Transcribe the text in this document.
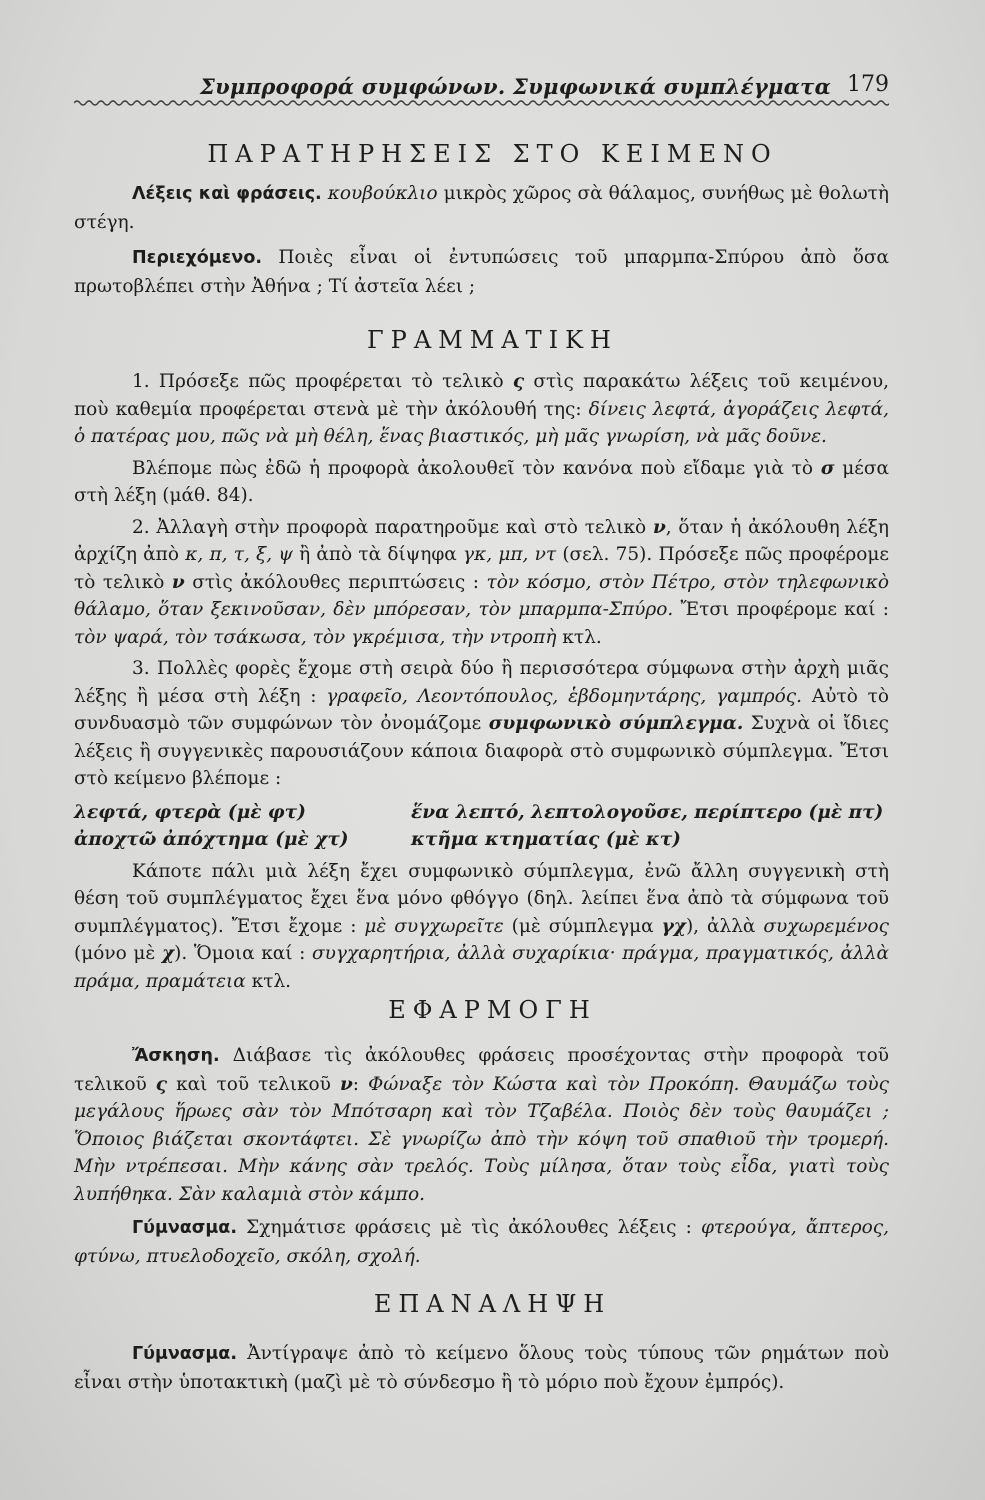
Συμπροφορά συμφώνων. Συμφωνικά συμπλέγματα 179
ΠΑΡΑΤΗΡΗΣΕΙΣ ΣΤΟ ΚΕΙΜΕΝΟ

Λέξεις καὶ φράσεις. κουβούκλιο μικρὸς χῶρος σὰ θάλαμος, συνήθως μὲ θολωτὴ στέγη.

Περιεχόμενο. Ποιὲς εἶναι οἱ ἐντυπώσεις τοῦ μπαρμπα-Σπύρου ἀπὸ ὅσα πρωτοβλέπει στὴν Ἀθήνα ; Τί ἀστεῖα λέει ;

ΓΡΑΜΜΑΤΙΚΗ

1. Πρόσεξε πῶς προφέρεται τὸ τελικὸ ς στὶς παρακάτω λέξεις τοῦ κειμένου, ποὺ καθεμία προφέρεται στενὰ μὲ τὴν ἀκόλουθή της: δίνεις λεφτά, ἀγοράζεις λεφτά, ὁ πατέρας μου, πῶς νὰ μὴ θέλη, ἕνας βιαστικός, μὴ μᾶς γνωρίση, νὰ μᾶς δοῦνε.

Βλέπομε πὼς ἐδῶ ἡ προφορὰ ἀκολουθεῖ τὸν κανόνα ποὺ εἴδαμε γιὰ τὸ σ μέσα στὴ λέξη (μάθ. 84).

2. Ἀλλαγὴ στὴν προφορὰ παρατηροῦμε καὶ στὸ τελικὸ ν, ὅταν ἡ ἀκόλουθη λέξη ἀρχίζη ἀπὸ κ, π, τ, ξ, ψ ἢ ἀπὸ τὰ δίψηφα γκ, μπ, ντ (σελ. 75). Πρόσεξε πῶς προφέρομε τὸ τελικὸ ν στὶς ἀκόλουθες περιπτώσεις : τὸν κόσμο, στὸν Πέτρο, στὸν τηλεφωνικὸ θάλαμο, ὅταν ξεκινοῦσαν, δὲν μπόρεσαν, τὸν μπαρμπα-Σπύρο. Ἔτσι προφέρομε καί : τὸν ψαρά, τὸν τσάκωσα, τὸν γκρέμισα, τὴν ντροπὴ κτλ.

3. Πολλὲς φορὲς ἔχομε στὴ σειρὰ δύο ἢ περισσότερα σύμφωνα στὴν ἀρχὴ μιᾶς λέξης ἢ μέσα στὴ λέξη : γραφεῖο, Λεοντόπουλος, ἑβδομηντάρης, γαμπρός. Αὐτὸ τὸ συνδυασμὸ τῶν συμφώνων τὸν ὀνομάζομε συμφωνικὸ σύμπλεγμα. Συχνὰ οἱ ἴδιες λέξεις ἢ συγγενικὲς παρουσιάζουν κάποια διαφορὰ στὸ συμφωνικὸ σύμπλεγμα. Ἔτσι στὸ κείμενο βλέπομε :

λεφτά, φτερὰ (μὲ φτ)	ἕνα λεπτό, λεπτολογοῦσε, περίπτερο (μὲ πτ)
ἀποχτῶ ἀπόχτημα (μὲ χτ)	κτῆμα κτηματίας (μὲ κτ)

Κάποτε πάλι μιὰ λέξη ἔχει συμφωνικὸ σύμπλεγμα, ἐνῶ ἄλλη συγγενικὴ στὴ θέση τοῦ συμπλέγματος ἔχει ἕνα μόνο φθόγγο (δηλ. λείπει ἕνα ἀπὸ τὰ σύμφωνα τοῦ συμπλέγματος). Ἔτσι ἔχομε : μὲ συγχωρεῖτε (μὲ σύμπλεγμα γχ), ἀλλὰ συχωρεμένος (μόνο μὲ χ). Ὅμοια καί : συγχαρητήρια, ἀλλὰ συχαρίκια· πράγμα, πραγματικός, ἀλλὰ πράμα, πραμάτεια κτλ.

ΕΦΑΡΜΟΓΗ

Ἄσκηση. Διάβασε τὶς ἀκόλουθες φράσεις προσέχοντας στὴν προφορὰ τοῦ τελικοῦ ς καὶ τοῦ τελικοῦ ν: Φώναξε τὸν Κώστα καὶ τὸν Προκόπη. Θαυμάζω τοὺς μεγάλους ἥρωες σὰν τὸν Μπότσαρη καὶ τὸν Τζαβέλα. Ποιὸς δὲν τοὺς θαυμάζει ; Ὅποιος βιάζεται σκοντάφτει. Σὲ γνωρίζω ἀπὸ τὴν κόψη τοῦ σπαθιοῦ τὴν τρομερή. Μὴν ντρέπεσαι. Μὴν κάνης σὰν τρελός. Τοὺς μίλησα, ὅταν τοὺς εἶδα, γιατὶ τοὺς λυπήθηκα. Σὰν καλαμιὰ στὸν κάμπο.

Γύμνασμα. Σχημάτισε φράσεις μὲ τὶς ἀκόλουθες λέξεις : φτερούγα, ἄπτερος, φτύνω, πτυελοδοχεῖο, σκόλη, σχολή.

ΕΠΑΝΑΛΗΨΗ

Γύμνασμα. Ἀντίγραψε ἀπὸ τὸ κείμενο ὅλους τοὺς τύπους τῶν ρημάτων ποὺ εἶναι στὴν ὑποτακτικὴ (μαζὶ μὲ τὸ σύνδεσμο ἢ τὸ μόριο ποὺ ἔχουν ἐμπρός).
